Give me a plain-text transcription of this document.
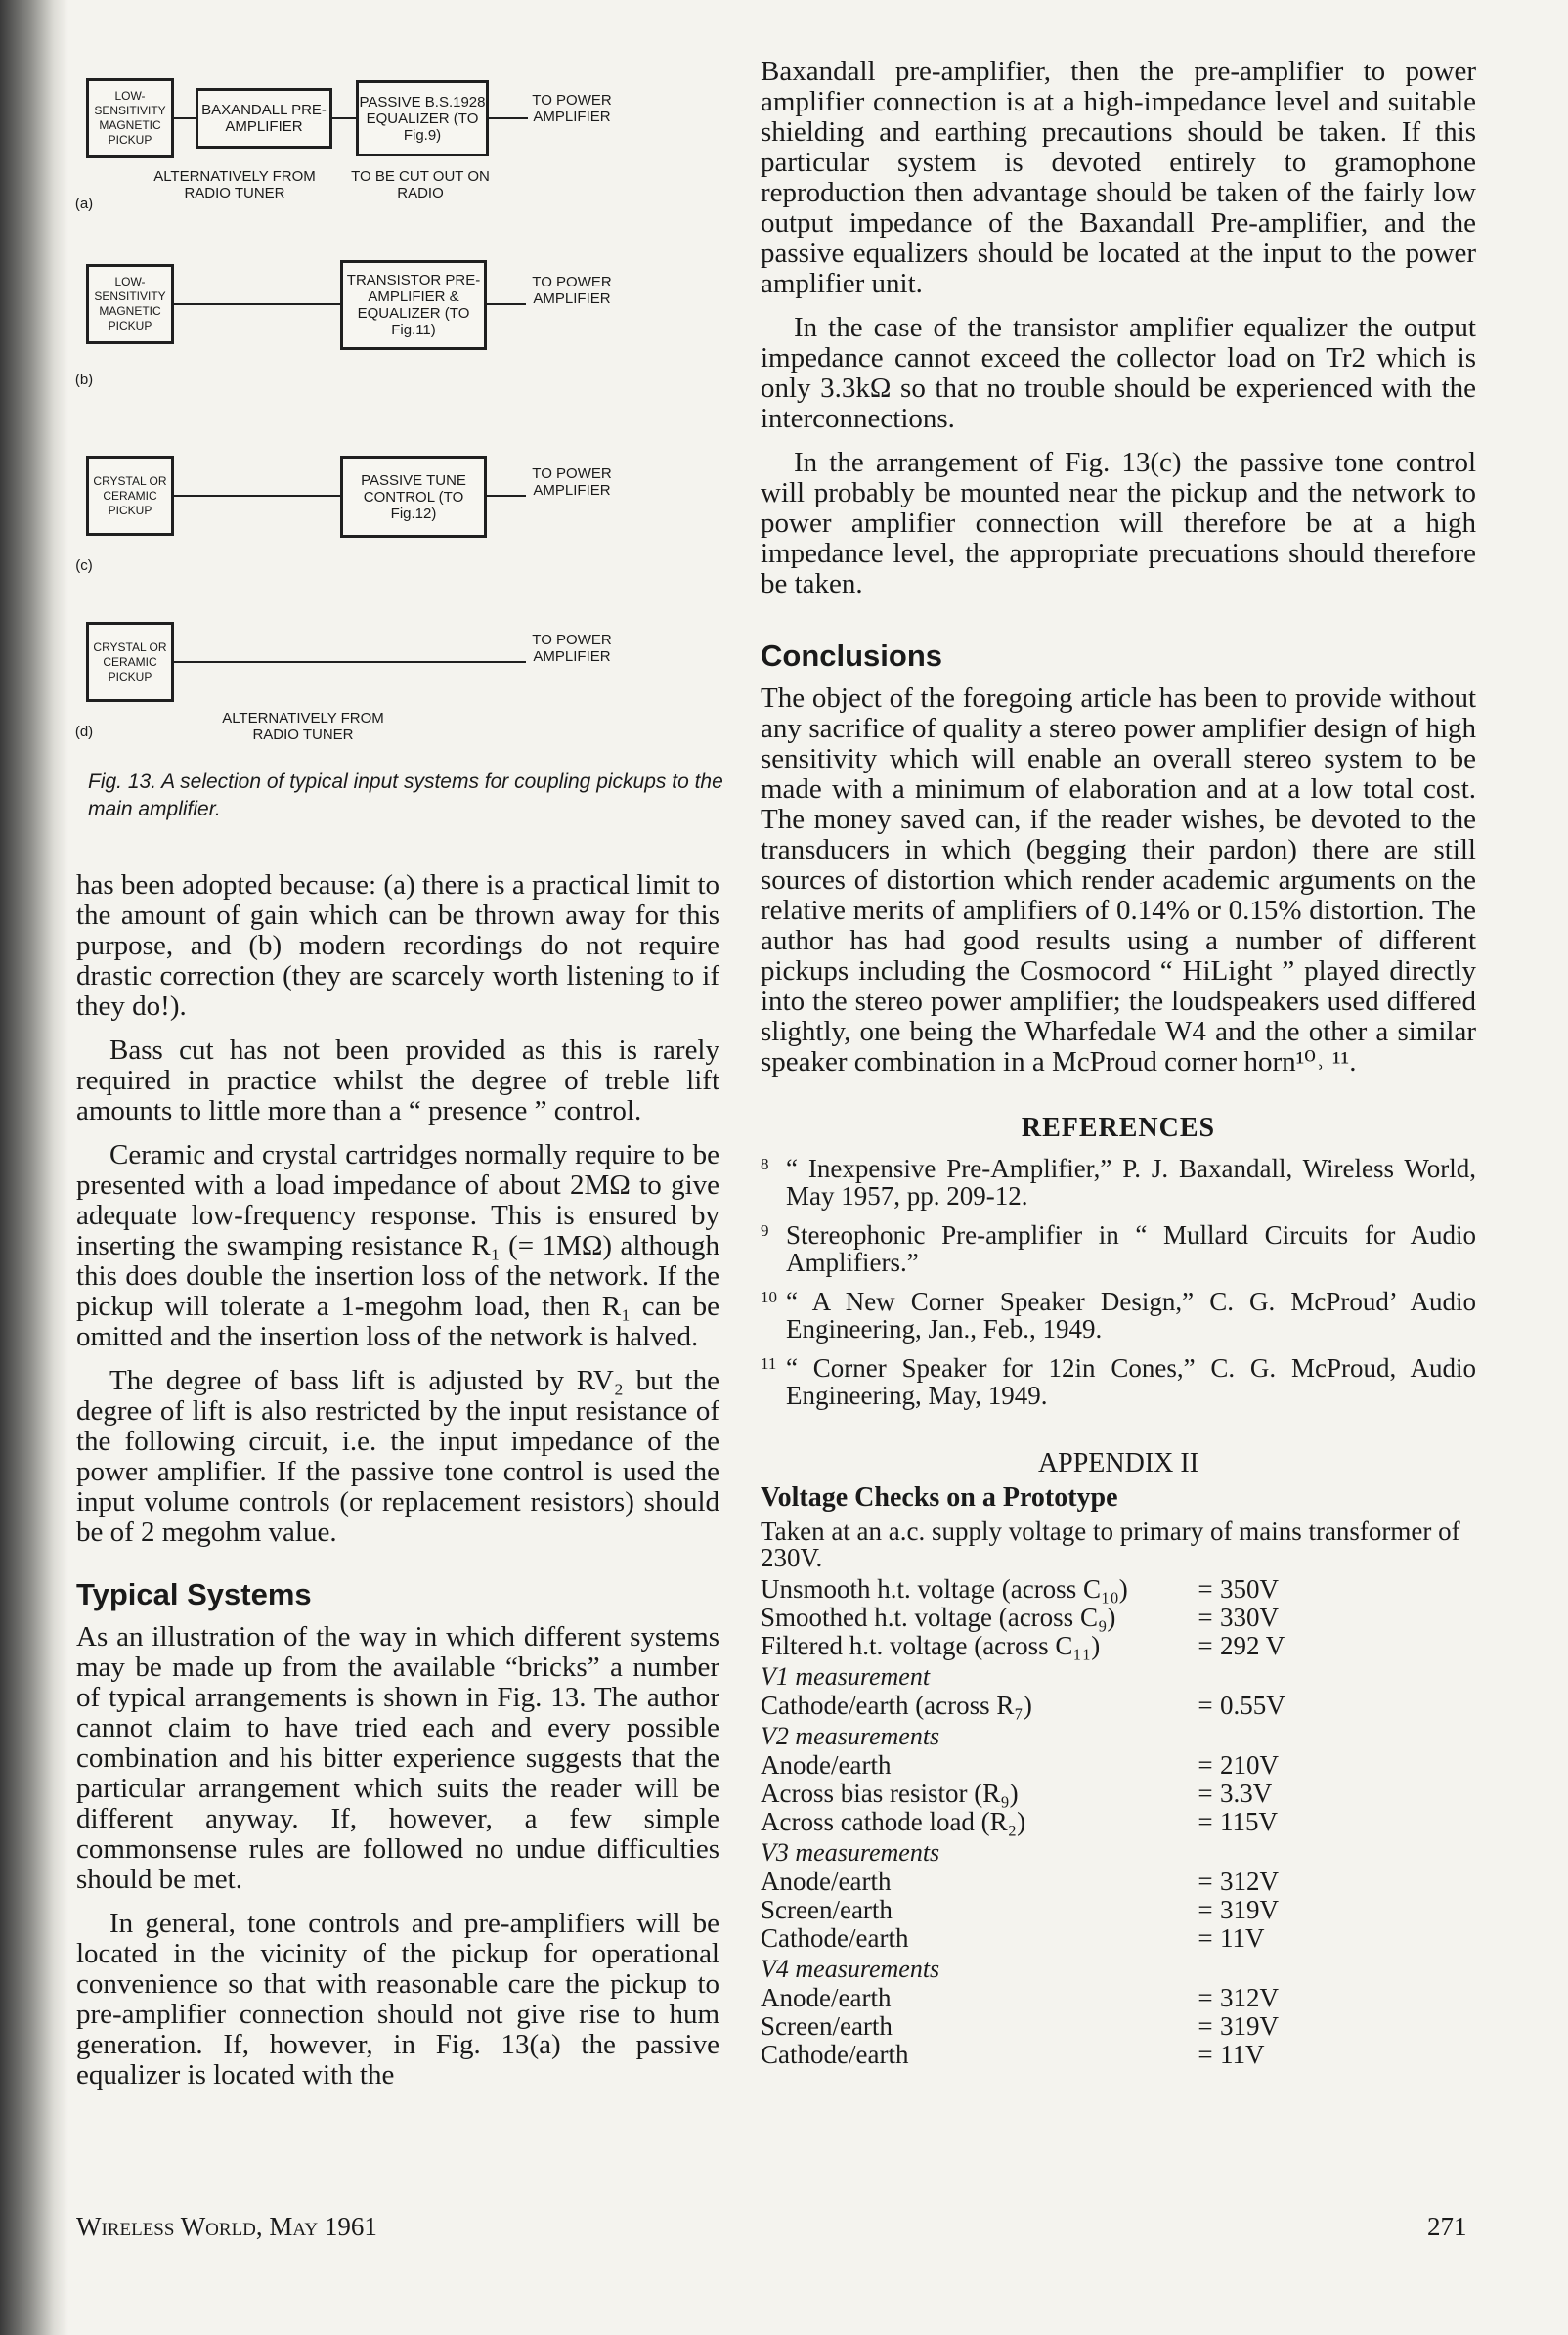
LOW-SENSITIVITY MAGNETIC PICKUP
BAXANDALL PRE-AMPLIFIER
PASSIVE B.S.1928 EQUALIZER (TO Fig.9)
TO POWER AMPLIFIER
ALTERNATIVELY FROM RADIO TUNER
TO BE CUT OUT ON RADIO
(a)
LOW-SENSITIVITY MAGNETIC PICKUP
TRANSISTOR PRE-AMPLIFIER & EQUALIZER (TO Fig.11)
TO POWER AMPLIFIER
(b)
CRYSTAL OR CERAMIC PICKUP
PASSIVE TUNE CONTROL (TO Fig.12)
TO POWER AMPLIFIER
(c)
CRYSTAL OR CERAMIC PICKUP
TO POWER AMPLIFIER
ALTERNATIVELY FROM RADIO TUNER
(d)
Fig. 13. A selection of typical input systems for coupling pickups to the main amplifier.

has been adopted because: (a) there is a practical limit to the amount of gain which can be thrown away for this purpose, and (b) modern recordings do not require drastic correction (they are scarcely worth listening to if they do!).

Bass cut has not been provided as this is rarely required in practice whilst the degree of treble lift amounts to little more than a “ presence ” control.

Ceramic and crystal cartridges normally require to be presented with a load impedance of about 2MΩ to give adequate low-frequency response. This is ensured by inserting the swamping resistance R₁ (= 1MΩ) although this does double the insertion loss of the network. If the pickup will tolerate a 1-megohm load, then R₁ can be omitted and the insertion loss of the network is halved.

The degree of bass lift is adjusted by RV₂ but the degree of lift is also restricted by the input resistance of the following circuit, i.e. the input impedance of the power amplifier. If the passive tone control is used the input volume controls (or replacement resistors) should be of 2 megohm value.

Typical Systems

As an illustration of the way in which different systems may be made up from the available “bricks” a number of typical arrangements is shown in Fig. 13. The author cannot claim to have tried each and every possible combination and his bitter experience suggests that the particular arrangement which suits the reader will be different anyway. If, however, a few simple commonsense rules are followed no undue difficulties should be met.

In general, tone controls and pre-amplifiers will be located in the vicinity of the pickup for operational convenience so that with reasonable care the pickup to pre-amplifier connection should not give rise to hum generation. If, however, in Fig. 13(a) the passive equalizer is located with the

Baxandall pre-amplifier, then the pre-amplifier to power amplifier connection is at a high-impedance level and suitable shielding and earthing precautions should be taken. If this particular system is devoted entirely to gramophone reproduction then advantage should be taken of the fairly low output impedance of the Baxandall Pre-amplifier, and the passive equalizers should be located at the input to the power amplifier unit.

In the case of the transistor amplifier equalizer the output impedance cannot exceed the collector load on Tr2 which is only 3.3kΩ so that no trouble should be experienced with the interconnections.

In the arrangement of Fig. 13(c) the passive tone control will probably be mounted near the pickup and the network to power amplifier connection will therefore be at a high impedance level, the appropriate precuations should therefore be taken.

Conclusions

The object of the foregoing article has been to provide without any sacrifice of quality a stereo power amplifier design of high sensitivity which will enable an overall stereo system to be made with a minimum of elaboration and at a low total cost. The money saved can, if the reader wishes, be devoted to the transducers in which (begging their pardon) there are still sources of distortion which render academic arguments on the relative merits of amplifiers of 0.14% or 0.15% distortion. The author has had good results using a number of different pickups including the Cosmocord “ HiLight ” played directly into the stereo power amplifier; the loudspeakers used differed slightly, one being the Wharfedale W4 and the other a similar speaker combination in a McProud corner horn¹⁰˒ ¹¹.

REFERENCES
8 “ Inexpensive Pre-Amplifier,” P. J. Baxandall, Wireless World, May 1957, pp. 209-12.
9 Stereophonic Pre-amplifier in “ Mullard Circuits for Audio Amplifiers.”
10 “ A New Corner Speaker Design,” C. G. McProud’ Audio Engineering, Jan., Feb., 1949.
11 “ Corner Speaker for 12in Cones,” C. G. McProud, Audio Engineering, May, 1949.
APPENDIX II
Voltage Checks on a Prototype
Taken at an a.c. supply voltage to primary of mains transformer of 230V.
Unsmooth h.t. voltage (across C₁₀)	= 350V
Smoothed h.t. voltage (across C₉)	= 330V
Filtered h.t. voltage (across C₁₁)	= 292 V
V1 measurement
Cathode/earth (across R₇)	= 0.55V
V2 measurements
Anode/earth	= 210V
Across bias resistor (R₉)	= 3.3V
Across cathode load (R₂)	= 115V
V3 measurements
Anode/earth	= 312V
Screen/earth	= 319V
Cathode/earth	= 11V
V4 measurements
Anode/earth	= 312V
Screen/earth	= 319V
Cathode/earth	= 11V
Wireless World, May 1961	271
